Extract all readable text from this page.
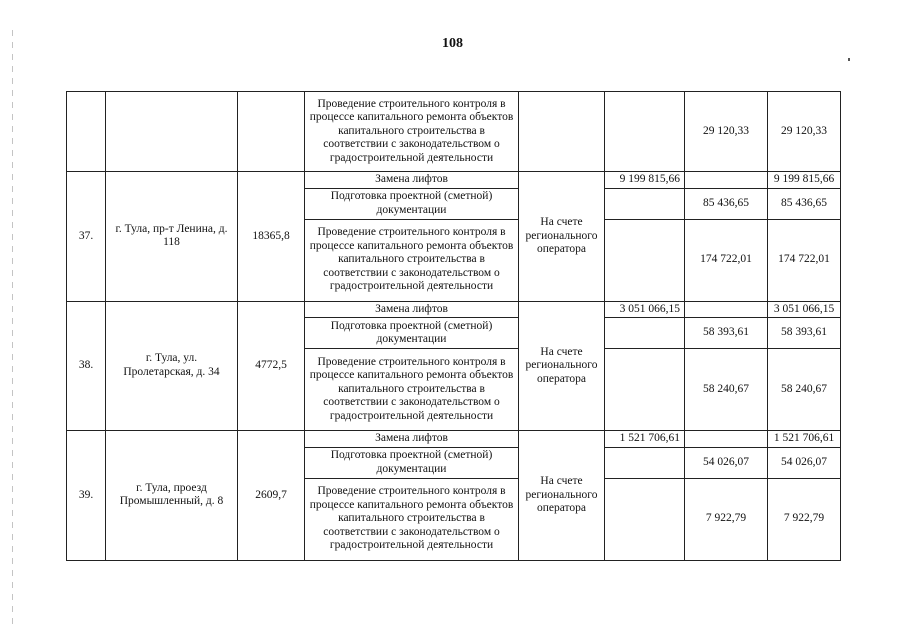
108
			Проведение строительного контроля в процессе капитального ремонта объектов капитального строительства в соответствии с законодательством о градостроительной деятельности			29 120,33	29 120,33
37.	г. Тула, пр-т Ленина, д. 118	18365,8	Замена лифтов	На счете регионального оператора	9 199 815,66		9 199 815,66
			Подготовка проектной (сметной) документации			85 436,65	85 436,65
			Проведение строительного контроля в процессе капитального ремонта объектов капитального строительства в соответствии с законодательством о градостроительной деятельности			174 722,01	174 722,01
38.	г. Тула, ул. Пролетарская, д. 34	4772,5	Замена лифтов	На счете регионального оператора	3 051 066,15		3 051 066,15
			Подготовка проектной (сметной) документации			58 393,61	58 393,61
			Проведение строительного контроля в процессе капитального ремонта объектов капитального строительства в соответствии с законодательством о градостроительной деятельности			58 240,67	58 240,67
39.	г. Тула, проезд Промышленный, д. 8	2609,7	Замена лифтов	На счете регионального оператора	1 521 706,61		1 521 706,61
			Подготовка проектной (сметной) документации			54 026,07	54 026,07
			Проведение строительного контроля в процессе капитального ремонта объектов капитального строительства в соответствии с законодательством о градостроительной деятельности			7 922,79	7 922,79
